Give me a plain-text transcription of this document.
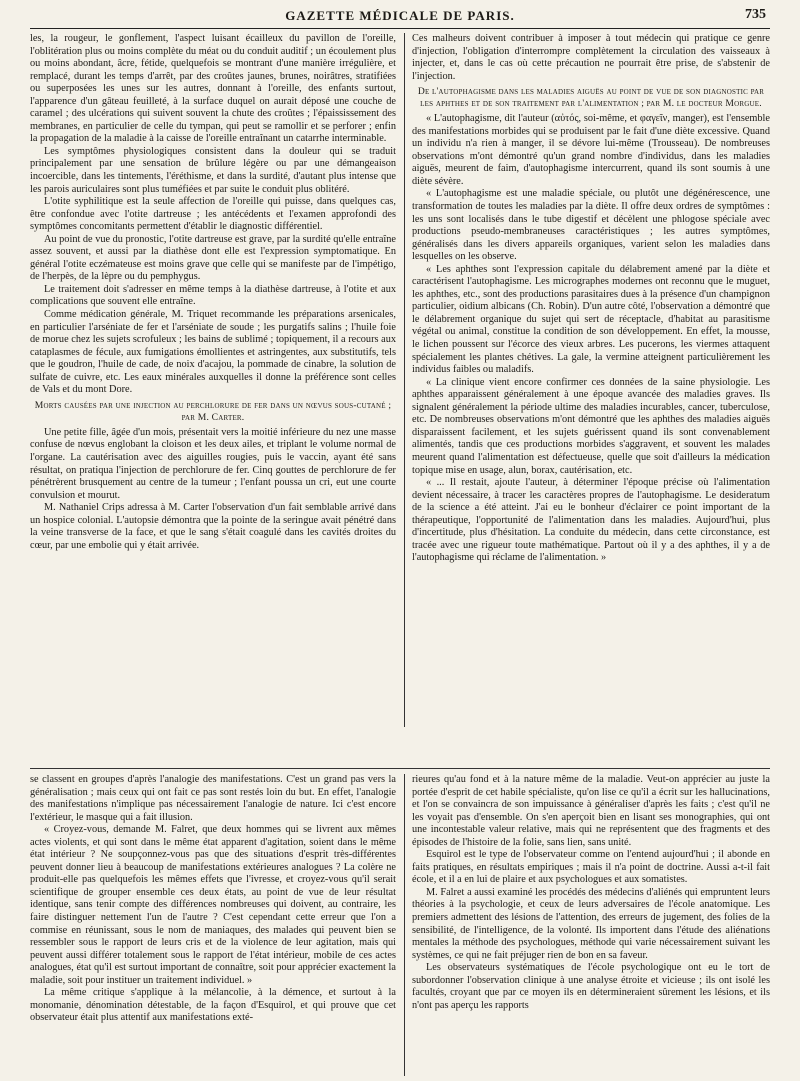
GAZETTE MÉDICALE DE PARIS.	735

les, la rougeur, le gonflement, l'aspect luisant écailleux du pavillon de l'oreille, l'oblitération plus ou moins complète du méat ou du conduit auditif ; un écoulement plus ou moins abondant, âcre, fétide, quelquefois se montrant d'une manière irrégulière, et remplacé, durant les temps d'arrêt, par des croûtes jaunes, brunes, noirâtres, stratifiées ou superposées les unes sur les autres, donnant à l'oreille, des enfants surtout, l'apparence d'un gâteau feuilleté, à la surface duquel on aurait déposé une couche de caramel ; des ulcérations qui suivent souvent la chute des croûtes ; l'épaississement des membranes, en particulier de celle du tympan, qui peut se ramollir et se perforer ; enfin la propagation de la maladie à la caisse de l'oreille entraînant un catarrhe interminable.

Les symptômes physiologiques consistent dans la douleur qui se traduit principalement par une sensation de brûlure légère ou par une démangeaison incoercible, dans les tintements, l'éréthisme, et dans la surdité, d'autant plus intense que les parois auriculaires sont plus tuméfiées et par suite le conduit plus oblitéré.

L'otite syphilitique est la seule affection de l'oreille qui puisse, dans quelques cas, être confondue avec l'otite dartreuse ; les antécédents et l'examen approfondi des symptômes concomitants permettent d'établir le diagnostic différentiel.

Au point de vue du pronostic, l'otite dartreuse est grave, par la surdité qu'elle entraîne assez souvent, et aussi par la diathèse dont elle est l'expression symptomatique. En général l'otite eczémateuse est moins grave que celle qui se manifeste par de l'impétigo, de l'herpès, de la lèpre ou du pemphygus.

Le traitement doit s'adresser en même temps à la diathèse dartreuse, à l'otite et aux complications que souvent elle entraîne.

Comme médication générale, M. Triquet recommande les préparations arsenicales, en particulier l'arséniate de fer et l'arséniate de soude ; les purgatifs salins ; l'huile foie de morue chez les sujets scrofuleux ; les bains de sublimé ; topiquement, il a recours aux cataplasmes de fécule, aux fumigations émollientes et astringentes, aux substitutifs, tels que le goudron, l'huile de cade, de noix d'acajou, la pommade de cinabre, la solution de sulfate de cuivre, etc. Les eaux minérales auxquelles il donne la préférence sont celles de Vals et du mont Dore.

Morts causées par une injection au perchlorure de fer dans un nœvus sous-cutané ; par M. Carter.

Une petite fille, âgée d'un mois, présentait vers la moitié inférieure du nez une masse confuse de nœvus englobant la cloison et les deux ailes, et triplant le volume normal de l'organe. La cautérisation avec des aiguilles rougies, puis le vaccin, ayant été sans résultat, on pratiqua l'injection de perchlorure de fer. Cinq gouttes de perchlorure de fer pénétrèrent brusquement au centre de la tumeur ; l'enfant poussa un cri, eut une courte convulsion et mourut.

M. Nathaniel Crips adressa à M. Carter l'observation d'un fait semblable arrivé dans un hospice colonial. L'autopsie démontra que la pointe de la seringue avait pénétré dans la veine transverse de la face, et que le sang s'était coagulé dans les cavités droites du cœur, par une embolie qui y était arrivée.

Ces malheurs doivent contribuer à imposer à tout médecin qui pratique ce genre d'injection, l'obligation d'interrompre complètement la circulation des vaisseaux à injecter, et, dans le cas où cette précaution ne pourrait être prise, de s'abstenir de l'injection.

De l'autophagisme dans les maladies aiguës au point de vue de son diagnostic par les aphthes et de son traitement par l'alimentation ; par M. le docteur Morgue.

« L'autophagisme, dit l'auteur (αὐτός, soi-même, et φαγεῖν, manger), est l'ensemble des manifestations morbides qui se produisent par le fait d'une diète excessive. Quand un individu n'a rien à manger, il se dévore lui-même (Trousseau). De nombreuses observations m'ont démontré qu'un grand nombre d'individus, dans les maladies aiguës, meurent de faim, d'autophagisme intercurrent, quand ils sont soumis à une diète sévère.

« L'autophagisme est une maladie spéciale, ou plutôt une dégénérescence, une transformation de toutes les maladies par la diète. Il offre deux ordres de symptômes : les uns sont localisés dans le tube digestif et décèlent une phlogose spéciale avec productions pseudo-membraneuses caractéristiques ; les autres symptômes, généralisés dans les divers appareils organiques, varient selon les maladies dans lesquelles on les observe.

« Les aphthes sont l'expression capitale du délabrement amené par la diète et caractérisent l'autophagisme. Les micrographes modernes ont reconnu que le muguet, les aphthes, etc., sont des productions parasitaires dues à la présence d'un champignon particulier, oidium albicans (Ch. Robin). D'un autre côté, l'observation a démontré que le délabrement organique du sujet qui sert de réceptacle, d'habitat au parasitisme végétal ou animal, constitue la condition de son développement. En effet, la mousse, le lichen poussent sur l'écorce des vieux arbres. Les pucerons, les viermes attaquent spécialement les plantes chétives. La gale, la vermine atteignent particulièrement les individus faibles ou maladifs.

« La clinique vient encore confirmer ces données de la saine physiologie. Les aphthes apparaissent généralement à une époque avancée des maladies graves. Ils signalent généralement la période ultime des maladies incurables, cancer, tuberculose, etc. De nombreuses observations m'ont démontré que les aphthes des maladies aiguës disparaissent facilement, et les sujets guérissent quand ils sont convenablement alimentés, tandis que ces productions morbides s'aggravent, et souvent les malades meurent quand l'alimentation est défectueuse, quelle que soit d'ailleurs la médication topique mise en usage, alun, borax, cautérisation, etc.

« ... Il restait, ajoute l'auteur, à déterminer l'époque précise où l'alimentation devient nécessaire, à tracer les caractères propres de l'autophagisme. Le desideratum de la science a été atteint. J'ai eu le bonheur d'éclairer ce point important de la thérapeutique, l'opportunité de l'alimentation dans les maladies. Aujourd'hui, plus d'incertitude, plus d'hésitation. La conduite du médecin, dans cette circonstance, est tracée avec une rigueur toute mathématique. Partout où il y a des aphthes, il y a de l'autophagisme qui réclame de l'alimentation. »

se classent en groupes d'après l'analogie des manifestations. C'est un grand pas vers la généralisation ; mais ceux qui ont fait ce pas sont restés loin du but. En effet, l'analogie des manifestations n'implique pas nécessairement l'analogie de nature. Ici c'est encore l'extérieur, le masque qui a fait illusion.

« Croyez-vous, demande M. Falret, que deux hommes qui se livrent aux mêmes actes violents, et qui sont dans le même état apparent d'agitation, soient dans le même état intérieur ? Ne soupçonnez-vous pas que des situations d'esprit très-différentes peuvent donner lieu à beaucoup de manifestations extérieures analogues ? La colère ne produit-elle pas quelquefois les mêmes effets que l'ivresse, et croyez-vous qu'il serait scientifique de grouper ensemble ces deux états, au point de vue de leur résultat identique, sans tenir compte des différences nombreuses qui doivent, au contraire, les faire distinguer nettement l'un de l'autre ? C'est cependant cette erreur que l'on a commise en réunissant, sous le nom de maniaques, des malades qui peuvent bien se ressembler sous le rapport de leurs cris et de la violence de leur agitation, mais qui peuvent aussi différer totalement sous le rapport de l'état intérieur, mobile de ces actes analogues, état qu'il est surtout important de connaître, soit pour apprécier exactement la maladie, soit pour instituer un traitement individuel. »

La même critique s'applique à la mélancolie, à la démence, et surtout à la monomanie, dénomination détestable, de la façon d'Esquirol, et qui prouve que cet observateur était plus attentif aux manifestations exté-

rieures qu'au fond et à la nature même de la maladie. Veut-on apprécier au juste la portée d'esprit de cet habile spécialiste, qu'on lise ce qu'il a écrit sur les hallucinations, et l'on se convaincra de son impuissance à généraliser d'après les faits ; c'est qu'il ne les voyait pas d'ensemble. On s'en aperçoit bien en lisant ses monographies, qui ont une incontestable valeur relative, mais qui ne représentent que des fragments et des épisodes de l'histoire de la folie, sans lien, sans unité.

Esquirol est le type de l'observateur comme on l'entend aujourd'hui ; il abonde en faits pratiques, en résultats empiriques ; mais il n'a point de doctrine. Aussi a-t-il fait école, et il a en lui de plaire et aux psychologues et aux somatistes.

M. Falret a aussi examiné les procédés des médecins d'aliénés qui empruntent leurs théories à la psychologie, et ceux de leurs adversaires de l'école anatomique. Les premiers admettent des lésions de l'attention, des erreurs de jugement, des folies de la sensibilité, de l'intelligence, de la volonté. Ils importent dans l'étude des aliénations mentales la méthode des psychologues, méthode qui varie nécessairement suivant les systèmes, ce qui ne fait préjuger rien de bon en sa faveur.

Les observateurs systématiques de l'école psychologique ont eu le tort de subordonner l'observation clinique à une analyse étroite et vicieuse ; ils ont isolé les facultés, croyant que par ce moyen ils en détermineraient sûrement les lésions, et ils n'ont pas aperçu les rapports
